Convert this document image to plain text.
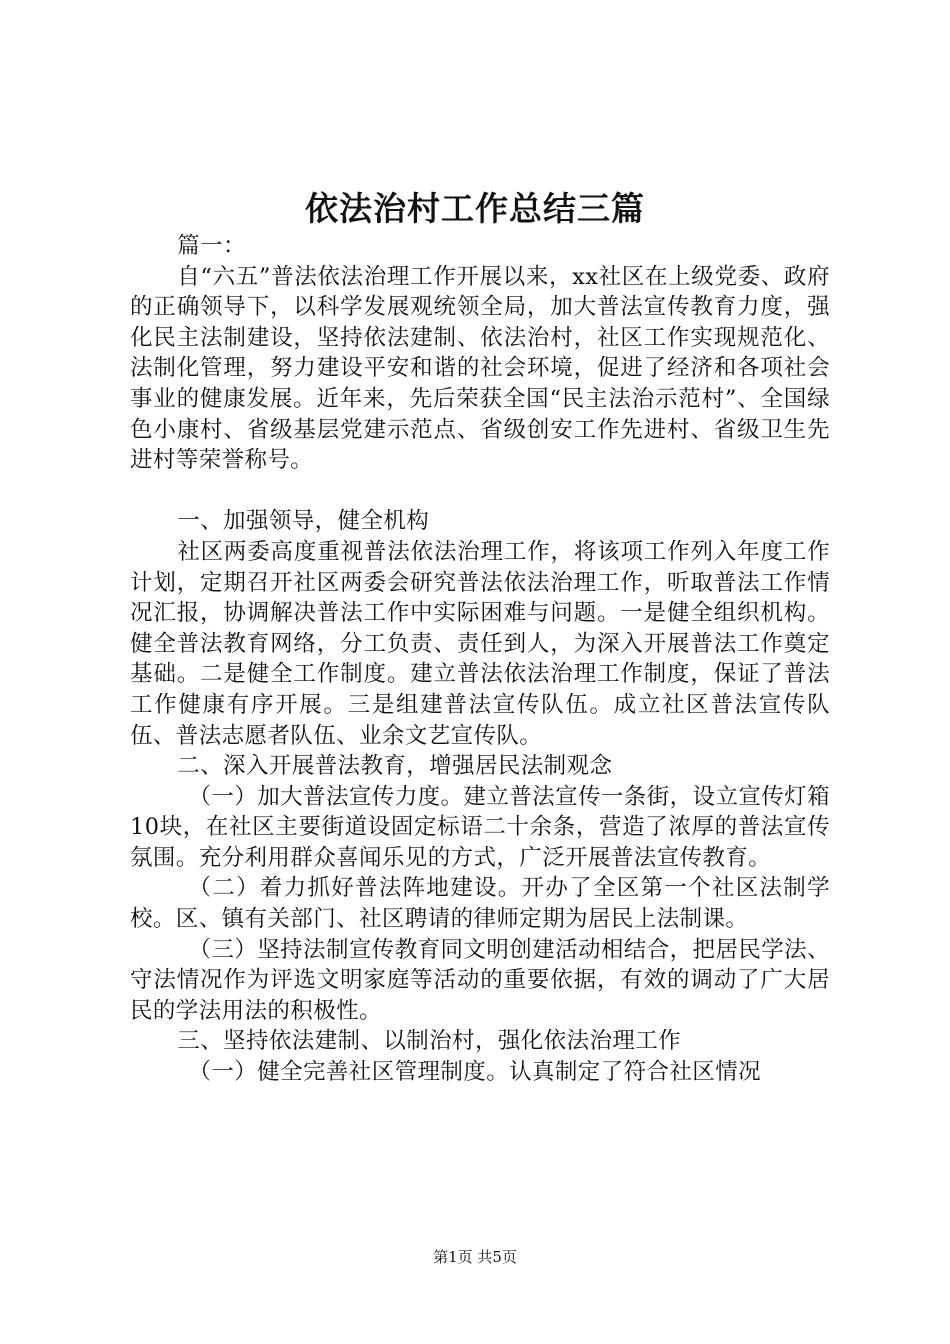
依法治村工作总结三篇

篇一：

自“六五”普法依法治理工作开展以来，xx社区在上级党委、政府的正确领导下，以科学发展观统领全局，加大普法宣传教育力度，强化民主法制建设，坚持依法建制、依法治村，社区工作实现规范化、法制化管理，努力建设平安和谐的社会环境，促进了经济和各项社会事业的健康发展。近年来，先后荣获全国“民主法治示范村”、全国绿色小康村、省级基层党建示范点、省级创安工作先进村、省级卫生先进村等荣誉称号。

一、加强领导，健全机构

社区两委高度重视普法依法治理工作，将该项工作列入年度工作计划，定期召开社区两委会研究普法依法治理工作，听取普法工作情况汇报，协调解决普法工作中实际困难与问题。一是健全组织机构。健全普法教育网络，分工负责、责任到人，为深入开展普法工作奠定基础。二是健全工作制度。建立普法依法治理工作制度，保证了普法工作健康有序开展。三是组建普法宣传队伍。成立社区普法宣传队伍、普法志愿者队伍、业余文艺宣传队。

二、深入开展普法教育，增强居民法制观念

（一）加大普法宣传力度。建立普法宣传一条街，设立宣传灯箱10块，在社区主要街道设固定标语二十余条，营造了浓厚的普法宣传氛围。充分利用群众喜闻乐见的方式，广泛开展普法宣传教育。

（二）着力抓好普法阵地建设。开办了全区第一个社区法制学校。区、镇有关部门、社区聘请的律师定期为居民上法制课。

（三）坚持法制宣传教育同文明创建活动相结合，把居民学法、守法情况作为评选文明家庭等活动的重要依据，有效的调动了广大居民的学法用法的积极性。

三、坚持依法建制、以制治村，强化依法治理工作

（一）健全完善社区管理制度。认真制定了符合社区情况

第1页 共5页
